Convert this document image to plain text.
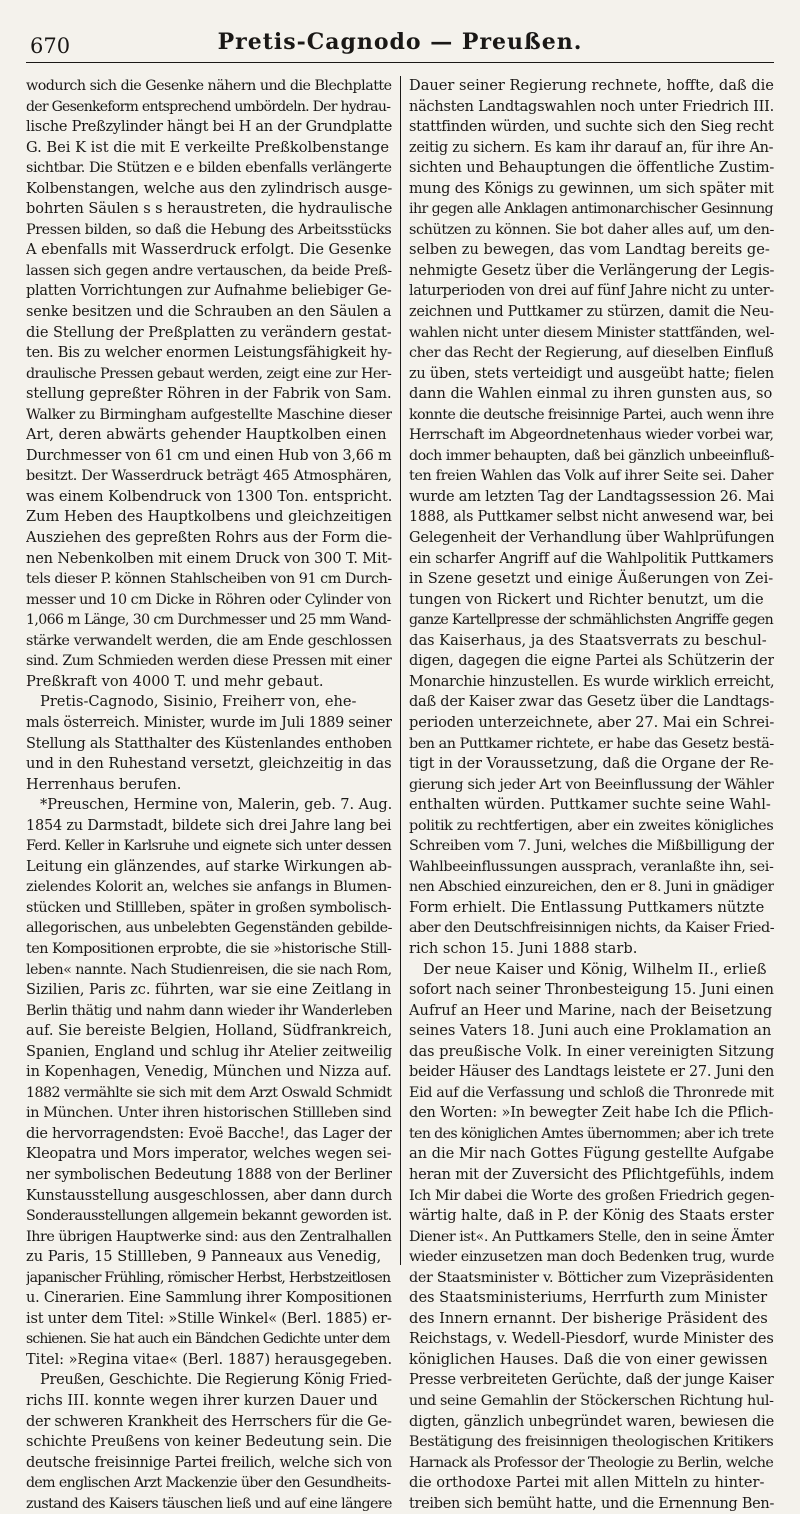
670	Pretis-Cagnodo — Preußen.
wodurch sich die Gesenke nähern und die Blechplatte
der Gesenkeform entsprechend umbördeln. Der hydrau-
lische Preßzylinder hängt bei H an der Grundplatte
G. Bei K ist die mit E verkeilte Preßkolbenstange
sichtbar. Die Stützen e e bilden ebenfalls verlängerte
Kolbenstangen, welche aus den zylindrisch ausge-
bohrten Säulen s s heraustreten, die hydraulische
Pressen bilden, so daß die Hebung des Arbeitsstücks
A ebenfalls mit Wasserdruck erfolgt. Die Gesenke
lassen sich gegen andre vertauschen, da beide Preß-
platten Vorrichtungen zur Aufnahme beliebiger Ge-
senke besitzen und die Schrauben an den Säulen a
die Stellung der Preßplatten zu verändern gestat-
ten. Bis zu welcher enormen Leistungsfähigkeit hy-
draulische Pressen gebaut werden, zeigt eine zur Her-
stellung gepreßter Röhren in der Fabrik von Sam.
Walker zu Birmingham aufgestellte Maschine dieser
Art, deren abwärts gehender Hauptkolben einen
Durchmesser von 61 cm und einen Hub von 3,66 m
besitzt. Der Wasserdruck beträgt 465 Atmosphären,
was einem Kolbendruck von 1300 Ton. entspricht.
Zum Heben des Hauptkolbens und gleichzeitigen
Ausziehen des gepreßten Rohrs aus der Form die-
nen Nebenkolben mit einem Druck von 300 T. Mit-
tels dieser P. können Stahlscheiben von 91 cm Durch-
messer und 10 cm Dicke in Röhren oder Cylinder von
1,066 m Länge, 30 cm Durchmesser und 25 mm Wand-
stärke verwandelt werden, die am Ende geschlossen
sind. Zum Schmieden werden diese Pressen mit einer
Preßkraft von 4000 T. und mehr gebaut.
Pretis-Cagnodo, Sisinio, Freiherr von, ehe-
mals österreich. Minister, wurde im Juli 1889 seiner
Stellung als Statthalter des Küstenlandes enthoben
und in den Ruhestand versetzt, gleichzeitig in das
Herrenhaus berufen.
*Preuschen, Hermine von, Malerin, geb. 7. Aug.
1854 zu Darmstadt, bildete sich drei Jahre lang bei
Ferd. Keller in Karlsruhe und eignete sich unter dessen
Leitung ein glänzendes, auf starke Wirkungen ab-
zielendes Kolorit an, welches sie anfangs in Blumen-
stücken und Stillleben, später in großen symbolisch-
allegorischen, aus unbelebten Gegenständen gebilde-
ten Kompositionen erprobte, die sie »historische Still-
leben« nannte. Nach Studienreisen, die sie nach Rom,
Sizilien, Paris zc. führten, war sie eine Zeitlang in
Berlin thätig und nahm dann wieder ihr Wanderleben
auf. Sie bereiste Belgien, Holland, Südfrankreich,
Spanien, England und schlug ihr Atelier zeitweilig
in Kopenhagen, Venedig, München und Nizza auf.
1882 vermählte sie sich mit dem Arzt Oswald Schmidt
in München. Unter ihren historischen Stillleben sind
die hervorragendsten: Evoë Bacche!, das Lager der
Kleopatra und Mors imperator, welches wegen sei-
ner symbolischen Bedeutung 1888 von der Berliner
Kunstausstellung ausgeschlossen, aber dann durch
Sonderausstellungen allgemein bekannt geworden ist.
Ihre übrigen Hauptwerke sind: aus den Zentralhallen
zu Paris, 15 Stillleben, 9 Panneaux aus Venedig,
japanischer Frühling, römischer Herbst, Herbstzeitlosen
u. Cinerarien. Eine Sammlung ihrer Kompositionen
ist unter dem Titel: »Stille Winkel« (Berl. 1885) er-
schienen. Sie hat auch ein Bändchen Gedichte unter dem
Titel: »Regina vitae« (Berl. 1887) herausgegeben.
Preußen, Geschichte. Die Regierung König Fried-
richs III. konnte wegen ihrer kurzen Dauer und
der schweren Krankheit des Herrschers für die Ge-
schichte Preußens von keiner Bedeutung sein. Die
deutsche freisinnige Partei freilich, welche sich von
dem englischen Arzt Mackenzie über den Gesundheits-
zustand des Kaisers täuschen ließ und auf eine längere
Dauer seiner Regierung rechnete, hoffte, daß die
nächsten Landtagswahlen noch unter Friedrich III.
stattfinden würden, und suchte sich den Sieg recht
zeitig zu sichern. Es kam ihr darauf an, für ihre An-
sichten und Behauptungen die öffentliche Zustim-
mung des Königs zu gewinnen, um sich später mit
ihr gegen alle Anklagen antimonarchischer Gesinnung
schützen zu können. Sie bot daher alles auf, um den-
selben zu bewegen, das vom Landtag bereits ge-
nehmigte Gesetz über die Verlängerung der Legis-
laturperioden von drei auf fünf Jahre nicht zu unter-
zeichnen und Puttkamer zu stürzen, damit die Neu-
wahlen nicht unter diesem Minister stattfänden, wel-
cher das Recht der Regierung, auf dieselben Einfluß
zu üben, stets verteidigt und ausgeübt hatte; fielen
dann die Wahlen einmal zu ihren gunsten aus, so
konnte die deutsche freisinnige Partei, auch wenn ihre
Herrschaft im Abgeordnetenhaus wieder vorbei war,
doch immer behaupten, daß bei gänzlich unbeeinfluß-
ten freien Wahlen das Volk auf ihrer Seite sei. Daher
wurde am letzten Tag der Landtagssession 26. Mai
1888, als Puttkamer selbst nicht anwesend war, bei
Gelegenheit der Verhandlung über Wahlprüfungen
ein scharfer Angriff auf die Wahlpolitik Puttkamers
in Szene gesetzt und einige Äußerungen von Zei-
tungen von Rickert und Richter benutzt, um die
ganze Kartellpresse der schmählichsten Angriffe gegen
das Kaiserhaus, ja des Staatsverrats zu beschul-
digen, dagegen die eigne Partei als Schützerin der
Monarchie hinzustellen. Es wurde wirklich erreicht,
daß der Kaiser zwar das Gesetz über die Landtags-
perioden unterzeichnete, aber 27. Mai ein Schrei-
ben an Puttkamer richtete, er habe das Gesetz bestä-
tigt in der Voraussetzung, daß die Organe der Re-
gierung sich jeder Art von Beeinflussung der Wähler
enthalten würden. Puttkamer suchte seine Wahl-
politik zu rechtfertigen, aber ein zweites königliches
Schreiben vom 7. Juni, welches die Mißbilligung der
Wahlbeeinflussungen aussprach, veranlaßte ihn, sei-
nen Abschied einzureichen, den er 8. Juni in gnädiger
Form erhielt. Die Entlassung Puttkamers nützte
aber den Deutschfreisinnigen nichts, da Kaiser Fried-
rich schon 15. Juni 1888 starb.
Der neue Kaiser und König, Wilhelm II., erließ
sofort nach seiner Thronbesteigung 15. Juni einen
Aufruf an Heer und Marine, nach der Beisetzung
seines Vaters 18. Juni auch eine Proklamation an
das preußische Volk. In einer vereinigten Sitzung
beider Häuser des Landtags leistete er 27. Juni den
Eid auf die Verfassung und schloß die Thronrede mit
den Worten: »In bewegter Zeit habe Ich die Pflich-
ten des königlichen Amtes übernommen; aber ich trete
an die Mir nach Gottes Fügung gestellte Aufgabe
heran mit der Zuversicht des Pflichtgefühls, indem
Ich Mir dabei die Worte des großen Friedrich gegen-
wärtig halte, daß in P. der König des Staats erster
Diener ist«. An Puttkamers Stelle, den in seine Ämter
wieder einzusetzen man doch Bedenken trug, wurde
der Staatsminister v. Bötticher zum Vizepräsidenten
des Staatsministeriums, Herrfurth zum Minister
des Innern ernannt. Der bisherige Präsident des
Reichstags, v. Wedell-Piesdorf, wurde Minister des
königlichen Hauses. Daß die von einer gewissen
Presse verbreiteten Gerüchte, daß der junge Kaiser
und seine Gemahlin der Stöckerschen Richtung hul-
digten, gänzlich unbegründet waren, bewiesen die
Bestätigung des freisinnigen theologischen Kritikers
Harnack als Professor der Theologie zu Berlin, welche
die orthodoxe Partei mit allen Mitteln zu hinter-
treiben sich bemüht hatte, und die Ernennung Ben-
